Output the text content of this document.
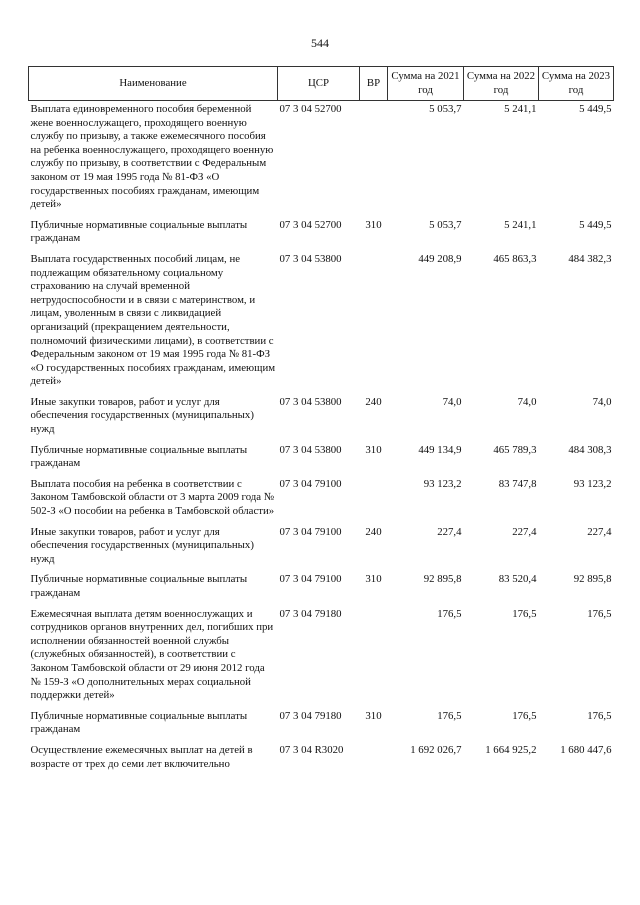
544
Наименование	ЦСР	ВР	Сумма на 2021 год	Сумма на 2022 год	Сумма на 2023 год
Выплата единовременного пособия беременной жене военнослужащего, проходящего военную службу по призыву, а также ежемесячного пособия на ребенка военнослужащего, проходящего военную службу по призыву, в соответствии с Федеральным законом от 19 мая 1995 года № 81-ФЗ «О государственных пособиях гражданам, имеющим детей»	07 3 04 52700		5 053,7	5 241,1	5 449,5
Публичные нормативные социальные выплаты гражданам	07 3 04 52700	310	5 053,7	5 241,1	5 449,5
Выплата государственных пособий лицам, не подлежащим обязательному социальному страхованию на случай временной нетрудоспособности и в связи с материнством, и лицам, уволенным в связи с ликвидацией организаций (прекращением деятельности, полномочий физическими лицами), в соответствии с Федеральным законом от 19 мая 1995 года № 81-ФЗ «О государственных пособиях гражданам, имеющим детей»	07 3 04 53800		449 208,9	465 863,3	484 382,3
Иные закупки товаров, работ и услуг для обеспечения государственных (муниципальных) нужд	07 3 04 53800	240	74,0	74,0	74,0
Публичные нормативные социальные выплаты гражданам	07 3 04 53800	310	449 134,9	465 789,3	484 308,3
Выплата пособия на ребенка в соответствии с Законом Тамбовской области от 3 марта 2009 года № 502-З «О пособии на ребенка в Тамбовской области»	07 3 04 79100		93 123,2	83 747,8	93 123,2
Иные закупки товаров, работ и услуг для обеспечения государственных (муниципальных) нужд	07 3 04 79100	240	227,4	227,4	227,4
Публичные нормативные социальные выплаты гражданам	07 3 04 79100	310	92 895,8	83 520,4	92 895,8
Ежемесячная выплата детям военнослужащих и сотрудников органов внутренних дел, погибших при исполнении обязанностей военной службы (служебных обязанностей), в соответствии с Законом Тамбовской области от 29 июня 2012 года № 159-З «О дополнительных мерах социальной поддержки детей»	07 3 04 79180		176,5	176,5	176,5
Публичные нормативные социальные выплаты гражданам	07 3 04 79180	310	176,5	176,5	176,5
Осуществление ежемесячных выплат на детей в возрасте от трех до семи лет включительно	07 3 04 R3020		1 692 026,7	1 664 925,2	1 680 447,6
